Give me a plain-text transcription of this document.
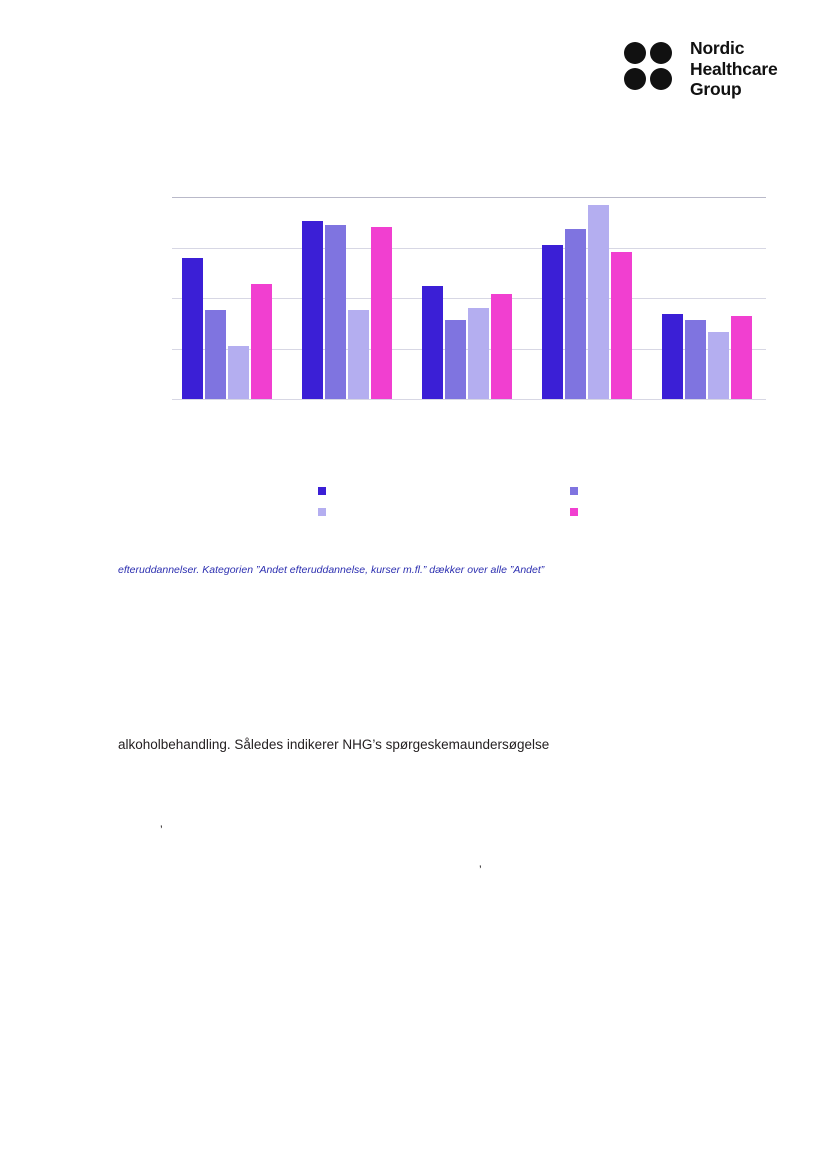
Nordic
Healthcare
Group
efteruddannelser. Kategorien ”Andet efteruddannelse, kurser m.fl.” dækker over alle ”Andet”
alkoholbehandling. Således indikerer NHG’s spørgeskemaundersøgelse
’
’
